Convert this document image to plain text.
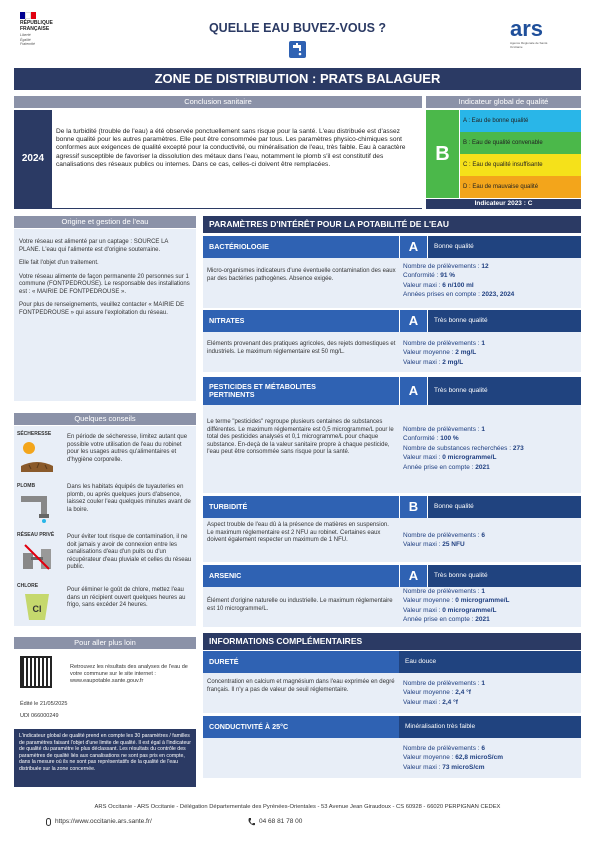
RÉPUBLIQUE
FRANÇAISE
Liberté
Égalité
Fraternité
QUELLE EAU BUVEZ-VOUS ?	ars
Agence Régionale de Santé
Occitanie
ZONE DE DISTRIBUTION : PRATS BALAGUER
Conclusion sanitaire
2024
De la turbidité (trouble de l'eau) a été observée ponctuellement sans risque pour la santé. L'eau distribuée est d'assez bonne qualité pour les autres paramètres. Elle peut être consommée par tous. Les paramètres physico-chimiques sont conformes aux exigences de qualité excepté pour la conductivité, ou minéralisation de l'eau, très faible. Eau à caractère agressif susceptible de favoriser la dissolution des métaux dans l'eau, notamment le plomb s'il est constitutif des canalisations des réseaux publics ou internes. Dans ce cas, celles-ci doivent être remplacées.
Indicateur global de qualité
B
A : Eau de bonne qualité
B : Eau de qualité convenable
C : Eau de qualité insuffisante
D : Eau de mauvaise qualité
Indicateur 2023 : C
Origine et gestion de l'eau
Votre réseau est alimenté par un captage : SOURCE LA PLANE. L'eau qui l'alimente est d'origine souterraine.
Elle fait l'objet d'un traitement.
Votre réseau alimente de façon permanente 20 personnes sur 1 commune (FONTPEDROUSE). Le responsable des installations est : « MAIRIE DE FONTPEDROUSE ».
Pour plus de renseignements, veuillez contacter « MAIRIE DE FONTPEDROUSE » qui assure l'exploitation du réseau.
Quelques conseils
SÉCHERESSE	En période de sécheresse, limitez autant que possible votre utilisation de l'eau du robinet pour les usages autres qu'alimentaires et d'hygiène corporelle.
PLOMB	Dans les habitats équipés de tuyauteries en plomb, ou après quelques jours d'absence, laissez couler l'eau quelques minutes avant de la boire.
RÉSEAU PRIVÉ	Pour éviter tout risque de contamination, il ne doit jamais y avoir de connexion entre les canalisations d'eau d'un puits ou d'un récupérateur d'eau pluviale et celles du réseau public.
CHLORE
Cl
Pour éliminer le goût de chlore, mettez l'eau dans un récipient ouvert quelques heures au frigo, sans excéder 24 heures.
Pour aller plus loin
Retrouvez les résultats des analyses de l'eau de votre commune sur le site internet : www.eaupotable.sante.gouv.fr
Édité le 21/05/2025
UDI 066000249
L'indicateur global de qualité prend en compte les 30 paramètres / familles de paramètres faisant l'objet d'une limite de qualité. Il est égal à l'indicateur de qualité du paramètre le plus déclassant. Les résultats du contrôle des paramètres de qualité liés aux canalisations ne sont pas pris en compte, dans la mesure où ils ne sont pas représentatifs de la qualité de l'eau distribuée sur la zone concernée.
PARAMÈTRES D'INTÉRÊT POUR LA POTABILITÉ DE L'EAU
BACTÉRIOLOGIE	A	Bonne qualité
Micro-organismes indicateurs d'une éventuelle contamination des eaux par des bactéries pathogènes. Absence exigée.
Nombre de prélèvements : 12
Conformité : 91 %
Valeur maxi : 6 n/100 ml
Années prises en compte : 2023, 2024
NITRATES	A	Très bonne qualité
Eléments provenant des pratiques agricoles, des rejets domestiques et industriels. Le maximum réglementaire est 50 mg/L.
Nombre de prélèvements : 1
Valeur moyenne : 2 mg/L
Valeur maxi : 2 mg/L
PESTICIDES ET MÉTABOLITES PERTINENTS	A	Très bonne qualité
Le terme "pesticides" regroupe plusieurs centaines de substances différentes. Le maximum réglementaire est 0,5 microgramme/L pour le total des pesticides analysés et 0,1 microgramme/L pour chaque substance. En-deçà de la valeur sanitaire propre à chaque pesticide, l'eau peut être consommée sans risque pour la santé.
Nombre de prélèvements : 1
Conformité : 100 %
Nombre de substances recherchées : 273
Valeur maxi : 0 microgramme/L
Année prise en compte : 2021
TURBIDITÉ	B	Bonne qualité
Aspect trouble de l'eau dû à la présence de matières en suspension. Le maximum réglementaire est 2 NFU au robinet. Certaines eaux doivent également respecter un maximum de 1 NFU.
Nombre de prélèvements : 6
Valeur maxi : 25 NFU
ARSENIC	A	Très bonne qualité
Élément d'origine naturelle ou industrielle. Le maximum réglementaire est 10 microgramme/L.
Nombre de prélèvements : 1
Valeur moyenne : 0 microgramme/L
Valeur maxi : 0 microgramme/L
Année prise en compte : 2021
INFORMATIONS COMPLÉMENTAIRES
DURETÉ	Eau douce
Concentration en calcium et magnésium dans l'eau exprimée en degré français. Il n'y a pas de valeur de seuil réglementaire.
Nombre de prélèvements : 1
Valeur moyenne : 2,4 °f
Valeur maxi : 2,4 °f
CONDUCTIVITÉ À 25°C	Minéralisation très faible
Nombre de prélèvements : 6
Valeur moyenne : 62,8 microS/cm
Valeur maxi : 73 microS/cm
ARS Occitanie - ARS Occitanie - Délégation Départementale des Pyrénées-Orientales - 53 Avenue Jean Giraudoux - CS 60928 - 66020 PERPIGNAN CEDEX
https://www.occitanie.ars.sante.fr/	04 68 81 78 00
